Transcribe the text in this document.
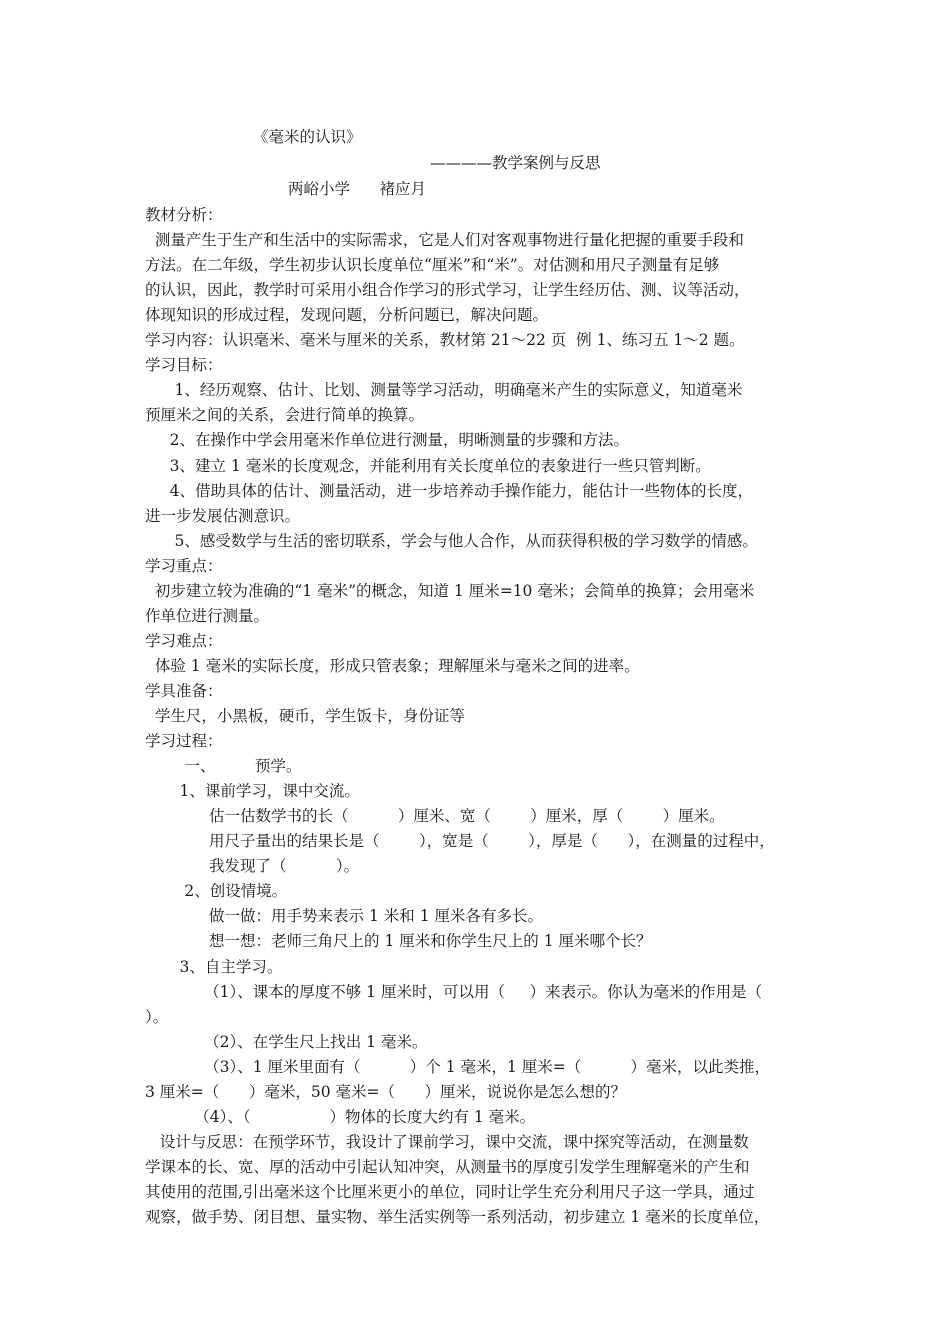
《毫米的认识》
————教学案例与反思
两峪小学      褚应月
教材分析：
测量产生于生产和生活中的实际需求，它是人们对客观事物进行量化把握的重要手段和
方法。在二年级，学生初步认识长度单位“厘米”和“米”。对估测和用尺子测量有足够
的认识，因此，教学时可采用小组合作学习的形式学习，让学生经历估、测、议等活动，
体现知识的形成过程，发现问题，分析问题已，解决问题。
学习内容：认识毫米、毫米与厘米的关系，教材第 21～22 页  例 1、练习五 1～2 题。
学习目标：
1、经历观察、估计、比划、测量等学习活动，明确毫米产生的实际意义，知道毫米
预厘米之间的关系，会进行简单的换算。
2、在操作中学会用毫米作单位进行测量，明晰测量的步骤和方法。
3、建立 1 毫米的长度观念，并能利用有关长度单位的表象进行一些只管判断。
4、借助具体的估计、测量活动，进一步培养动手操作能力，能估计一些物体的长度，
进一步发展估测意识。
5、感受数学与生活的密切联系，学会与他人合作，从而获得积极的学习数学的情感。
学习重点：
初步建立较为准确的“1 毫米”的概念，知道 1 厘米=10 毫米；会简单的换算；会用毫米
作单位进行测量。
学习难点：
体验 1 毫米的实际长度，形成只管表象；理解厘米与毫米之间的进率。
学具准备：
学生尺，小黑板，硬币，学生饭卡，身份证等
学习过程：
一、        预学。
1、课前学习，课中交流。
估一估数学书的长（          ）厘米、宽（        ）厘米，厚（        ）厘米。
用尺子量出的结果长是（        ），宽是（        ），厚是（      ），在测量的过程中，
我发现了（          ）。
2、创设情境。
做一做：用手势来表示 1 米和 1 厘米各有多长。
想一想：老师三角尺上的 1 厘米和你学生尺上的 1 厘米哪个长？
3、自主学习。
（1）、课本的厚度不够 1 厘米时，可以用（     ）来表示。你认为毫米的作用是（
）。
（2）、在学生尺上找出 1 毫米。
（3）、1 厘米里面有（          ）个 1 毫米，1 厘米=（          ）毫米，以此类推，
3 厘米=（      ）毫米，50 毫米=（      ）厘米，说说你是怎么想的？
（4）、（                ）物体的长度大约有 1 毫米。
设计与反思：在预学环节，我设计了课前学习，课中交流，课中探究等活动，在测量数
学课本的长、宽、厚的活动中引起认知冲突，从测量书的厚度引发学生理解毫米的产生和
其使用的范围,引出毫米这个比厘米更小的单位，同时让学生充分利用尺子这一学具，通过
观察，做手势、闭目想、量实物、举生活实例等一系列活动，初步建立 1 毫米的长度单位，
